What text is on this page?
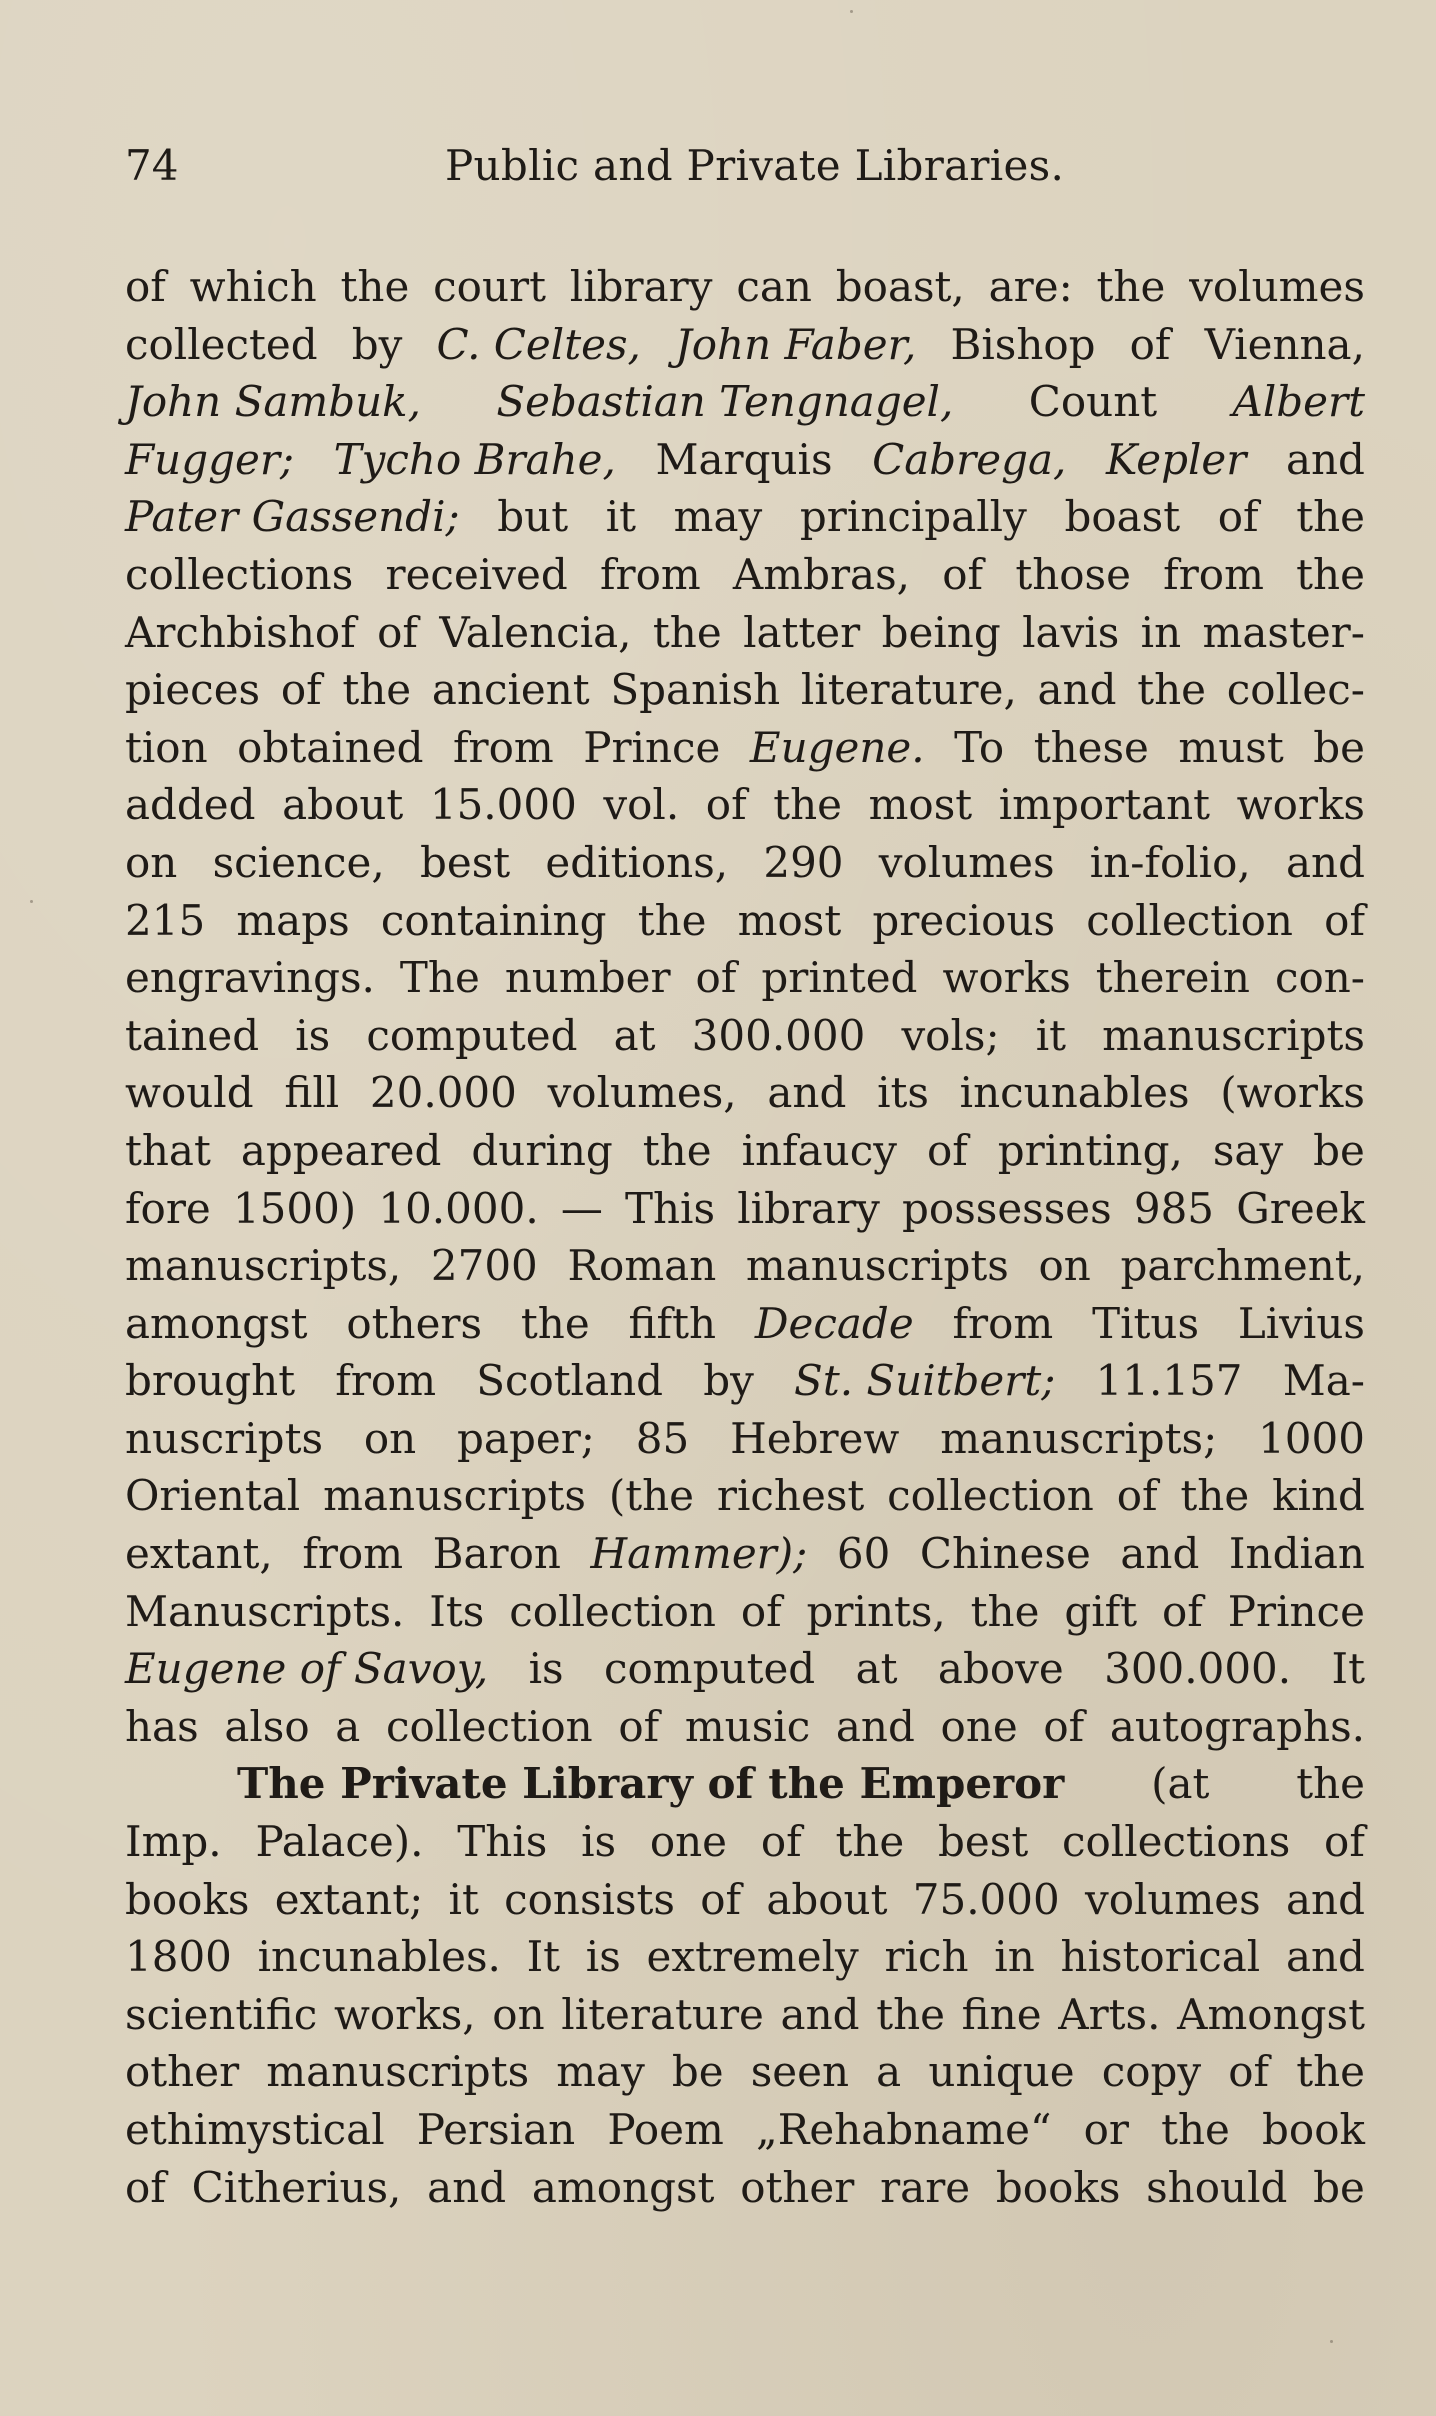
74	Public and Private Libraries.
of which the court library can boast, are: the volumes
collected by C. Celtes, John Faber, Bishop of Vienna,
John Sambuk, Sebastian Tengnagel, Count Albert
Fugger; Tycho Brahe, Marquis Cabrega, Kepler and
Pater Gassendi; but it may principally boast of the
collections received from Ambras, of those from the
Archbishof of Valencia, the latter being lavis in master-
pieces of the ancient Spanish literature, and the collec-
tion obtained from Prince Eugene. To these must be
added about 15.000 vol. of the most important works
on science, best editions, 290 volumes in-folio, and
215 maps containing the most precious collection of
engravings. The number of printed works therein con-
tained is computed at 300.000 vols; it manuscripts
would fill 20.000 volumes, and its incunables (works
that appeared during the infaucy of printing, say be
fore 1500) 10.000. — This library possesses 985 Greek
manuscripts, 2700 Roman manuscripts on parchment,
amongst others the fifth Decade from Titus Livius
brought from Scotland by St. Suitbert; 11.157 Ma-
nuscripts on paper; 85 Hebrew manuscripts; 1000
Oriental manuscripts (the richest collection of the kind
extant, from Baron Hammer); 60 Chinese and Indian
Manuscripts. Its collection of prints, the gift of Prince
Eugene of Savoy, is computed at above 300.000. It
has also a collection of music and one of autographs.
The Private Library of the Emperor (at the
Imp. Palace). This is one of the best collections of
books extant; it consists of about 75.000 volumes and
1800 incunables. It is extremely rich in historical and
scientific works, on literature and the fine Arts. Amongst
other manuscripts may be seen a unique copy of the
ethimystical Persian Poem „Rehabname“ or the book
of Citherius, and amongst other rare books should be
